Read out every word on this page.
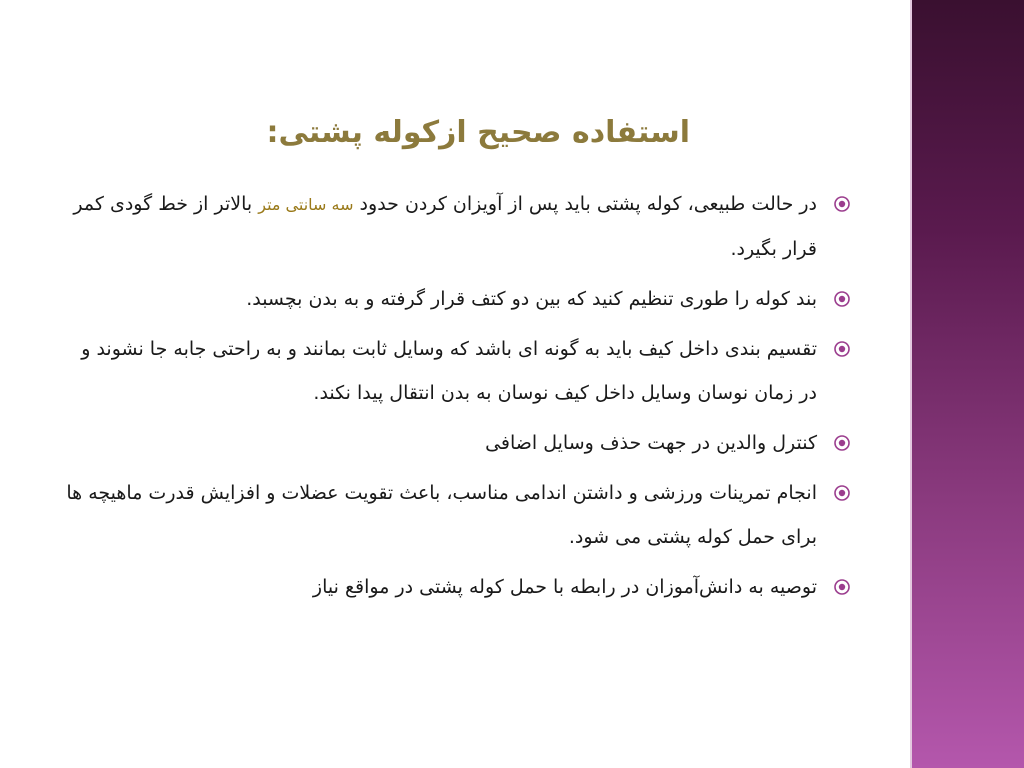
استفاده صحیح ازکوله پشتی:
در حالت طبیعی، کوله پشتی باید پس از آویزان کردن حدود سه سانتی متر بالاتر از خط گودی کمر قرار بگیرد.
بند کوله را طوری تنظیم کنید که بین دو کتف قرار گرفته و به بدن بچسبد.
تقسیم بندی داخل کیف باید به گونه ای باشد که وسایل ثابت بمانند و به راحتی جابه جا نشوند و در زمان نوسان وسایل داخل کیف نوسان به بدن انتقال پیدا نکند.
کنترل والدین در جهت حذف وسایل اضافی
انجام تمرینات ورزشی و داشتن اندامی مناسب، باعث تقویت عضلات و افزایش قدرت ماهیچه ها برای حمل کوله پشتی می شود.
توصیه به دانش‌آموزان در رابطه با حمل کوله پشتی در مواقع نیاز
